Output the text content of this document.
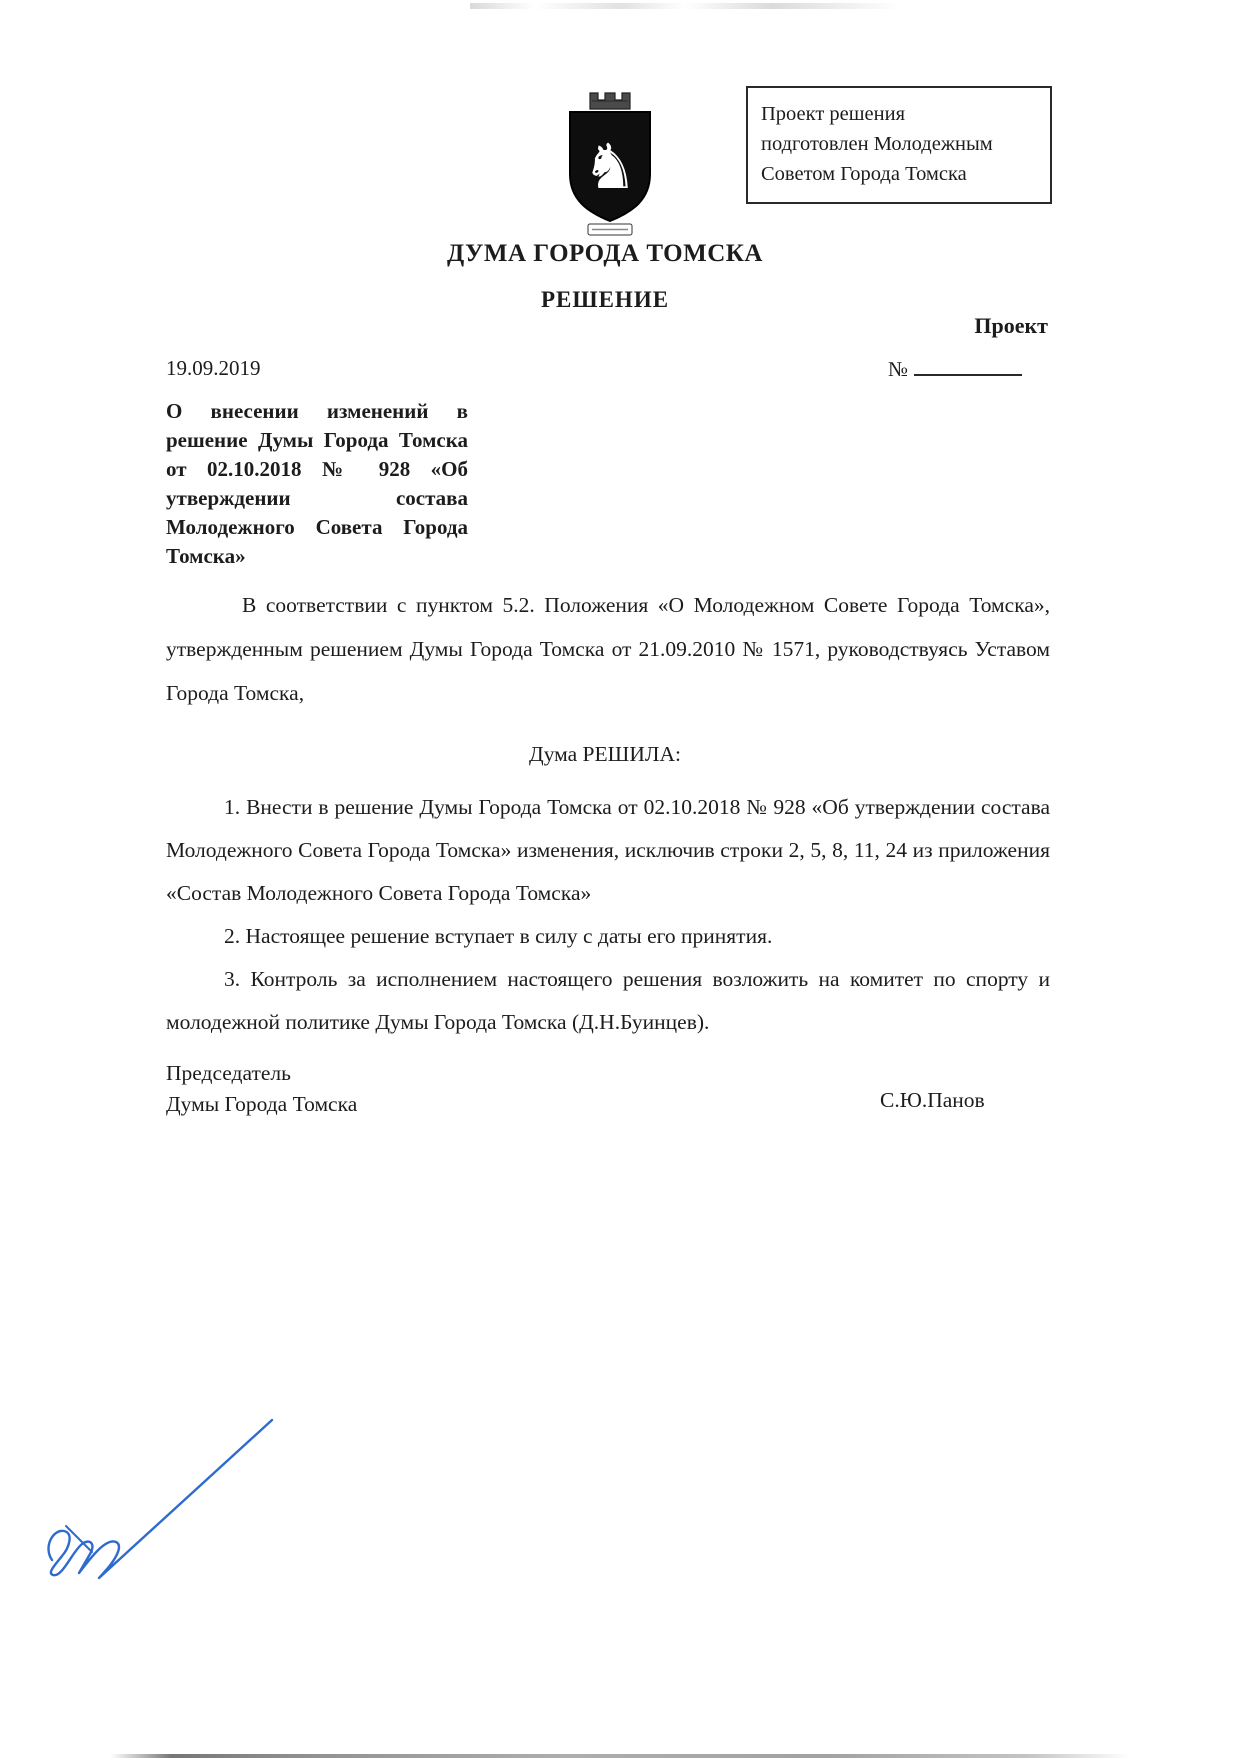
Проект решения
подготовлен Молодежным
Советом Города Томска
♞
ДУМА ГОРОДА ТОМСКА
РЕШЕНИЕ
Проект
19.09.2019	№
О внесении изменений в решение Думы Города Томска от 02.10.2018 № 928 «Об утверждении состава Молодежного Совета Города Томска»
В соответствии с пунктом 5.2. Положения «О Молодежном Совете Города Томска», утвержденным решением Думы Города Томска от 21.09.2010 № 1571, руководствуясь Уставом Города Томска,
Дума РЕШИЛА:

1. Внести в решение Думы Города Томска от 02.10.2018 № 928 «Об утверждении состава Молодежного Совета Города Томска» изменения, исключив строки 2, 5, 8, 11, 24 из приложения «Состав Молодежного Совета Города Томска»

2. Настоящее решение вступает в силу с даты его принятия.

3. Контроль за исполнением настоящего решения возложить на комитет по спорту и молодежной политике Думы Города Томска (Д.Н.Буинцев).

Председатель
Думы Города Томска	С.Ю.Панов
